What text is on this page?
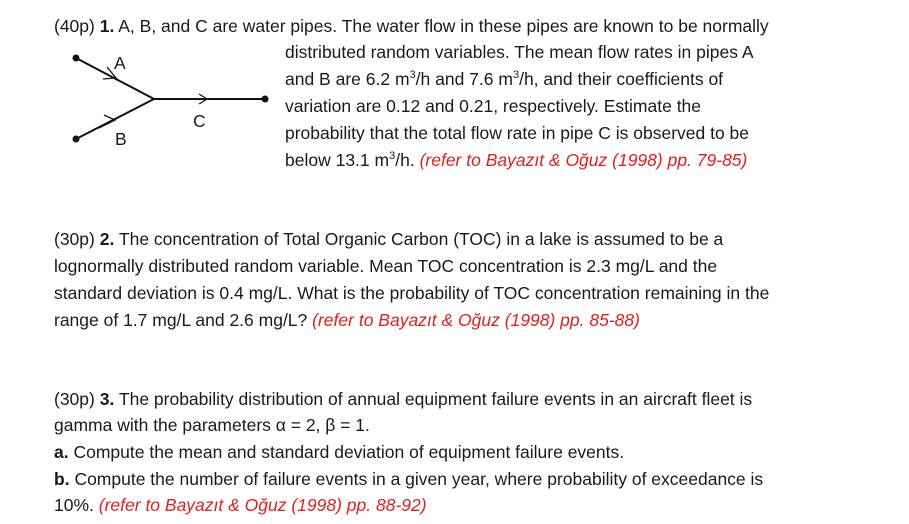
(40p) 1. A, B, and C are water pipes. The water flow in these pipes are known to be normally
distributed random variables. The mean flow rates in pipes A
and B are 6.2 $m^3/h$ and 7.6 $m^3/h$, and their coefficients of
variation are 0.12 and 0.21, respectively. Estimate the
probability that the total flow rate in pipe C is observed to be
below 13.1 $m^3/h$. (refer to Bayazıt & Oğuz (1998) pp. 79-85)
A
B
C
(30p) 2. The concentration of Total Organic Carbon (TOC) in a lake is assumed to be a
lognormally distributed random variable. Mean TOC concentration is 2.3 mg/L and the
standard deviation is 0.4 mg/L. What is the probability of TOC concentration remaining in the
range of 1.7 mg/L and 2.6 mg/L? (refer to Bayazıt & Oğuz (1998) pp. 85-88)
(30p) 3. The probability distribution of annual equipment failure events in an aircraft fleet is
gamma with the parameters α = 2, β = 1.
a. Compute the mean and standard deviation of equipment failure events.
b. Compute the number of failure events in a given year, where probability of exceedance is
10%. (refer to Bayazıt & Oğuz (1998) pp. 88-92)
